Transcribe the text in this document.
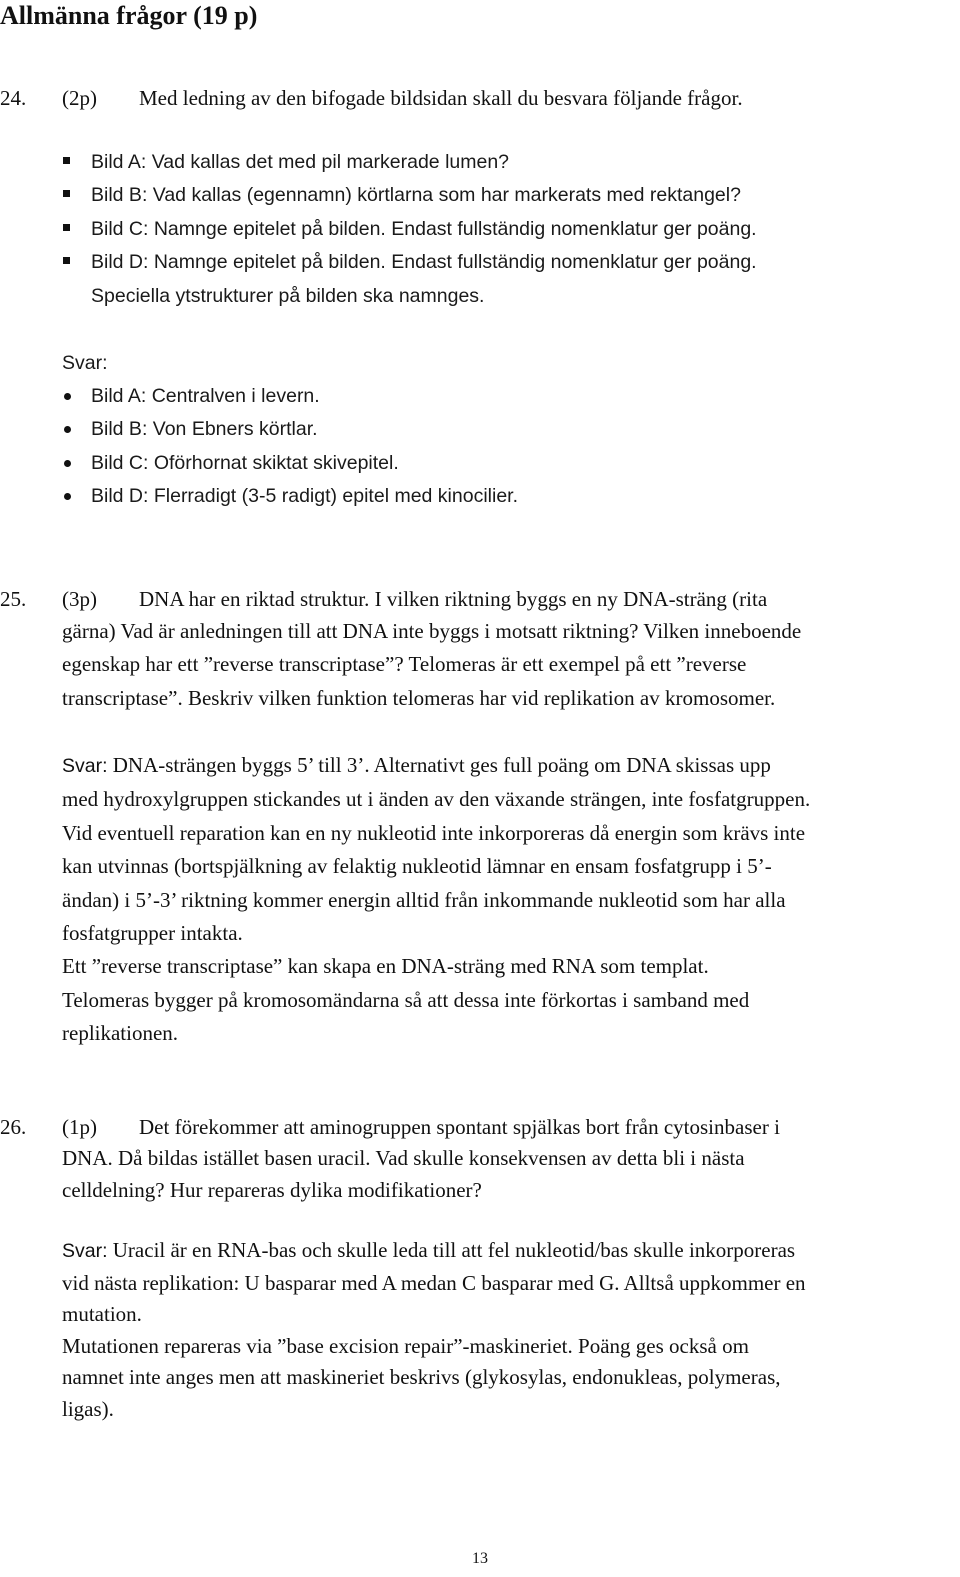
Allmänna frågor (19 p)
24. (2p) Med ledning av den bifogade bildsidan skall du besvara följande frågor.
Bild A: Vad kallas det med pil markerade lumen?
Bild B: Vad kallas (egennamn) körtlarna som har markerats med rektangel?
Bild C: Namnge epitelet på bilden. Endast fullständig nomenklatur ger poäng.
Bild D: Namnge epitelet på bilden. Endast fullständig nomenklatur ger poäng.
Speciella ytstrukturer på bilden ska namnges.
Svar:
Bild A: Centralven i levern.
Bild B: Von Ebners körtlar.
Bild C: Oförhornat skiktat skivepitel.
Bild D: Flerradigt (3-5 radigt) epitel med kinocilier.
25. (3p) DNA har en riktad struktur. I vilken riktning byggs en ny DNA-sträng (rita
gärna) Vad är anledningen till att DNA inte byggs i motsatt riktning? Vilken inneboende
egenskap har ett ”reverse transcriptase”? Telomeras är ett exempel på ett ”reverse
transcriptase”. Beskriv vilken funktion telomeras har vid replikation av kromosomer.
Svar: DNA-strängen byggs 5’ till 3’. Alternativt ges full poäng om DNA skissas upp
med hydroxylgruppen stickandes ut i änden av den växande strängen, inte fosfatgruppen.
Vid eventuell reparation kan en ny nukleotid inte inkorporeras då energin som krävs inte
kan utvinnas (bortspjälkning av felaktig nukleotid lämnar en ensam fosfatgrupp i 5’-
ändan) i 5’-3’ riktning kommer energin alltid från inkommande nukleotid som har alla
fosfatgrupper intakta.
Ett ”reverse transcriptase” kan skapa en DNA-sträng med RNA som templat.
Telomeras bygger på kromosomändarna så att dessa inte förkortas i samband med
replikationen.
26. (1p) Det förekommer att aminogruppen spontant spjälkas bort från cytosinbaser i
DNA. Då bildas istället basen uracil. Vad skulle konsekvensen av detta bli i nästa
celldelning? Hur repareras dylika modifikationer?
Svar: Uracil är en RNA-bas och skulle leda till att fel nukleotid/bas skulle inkorporeras
vid nästa replikation: U basparar med A medan C basparar med G. Alltså uppkommer en
mutation.
Mutationen repareras via ”base excision repair”-maskineriet. Poäng ges också om
namnet inte anges men att maskineriet beskrivs (glykosylas, endonukleas, polymeras,
ligas).
13
